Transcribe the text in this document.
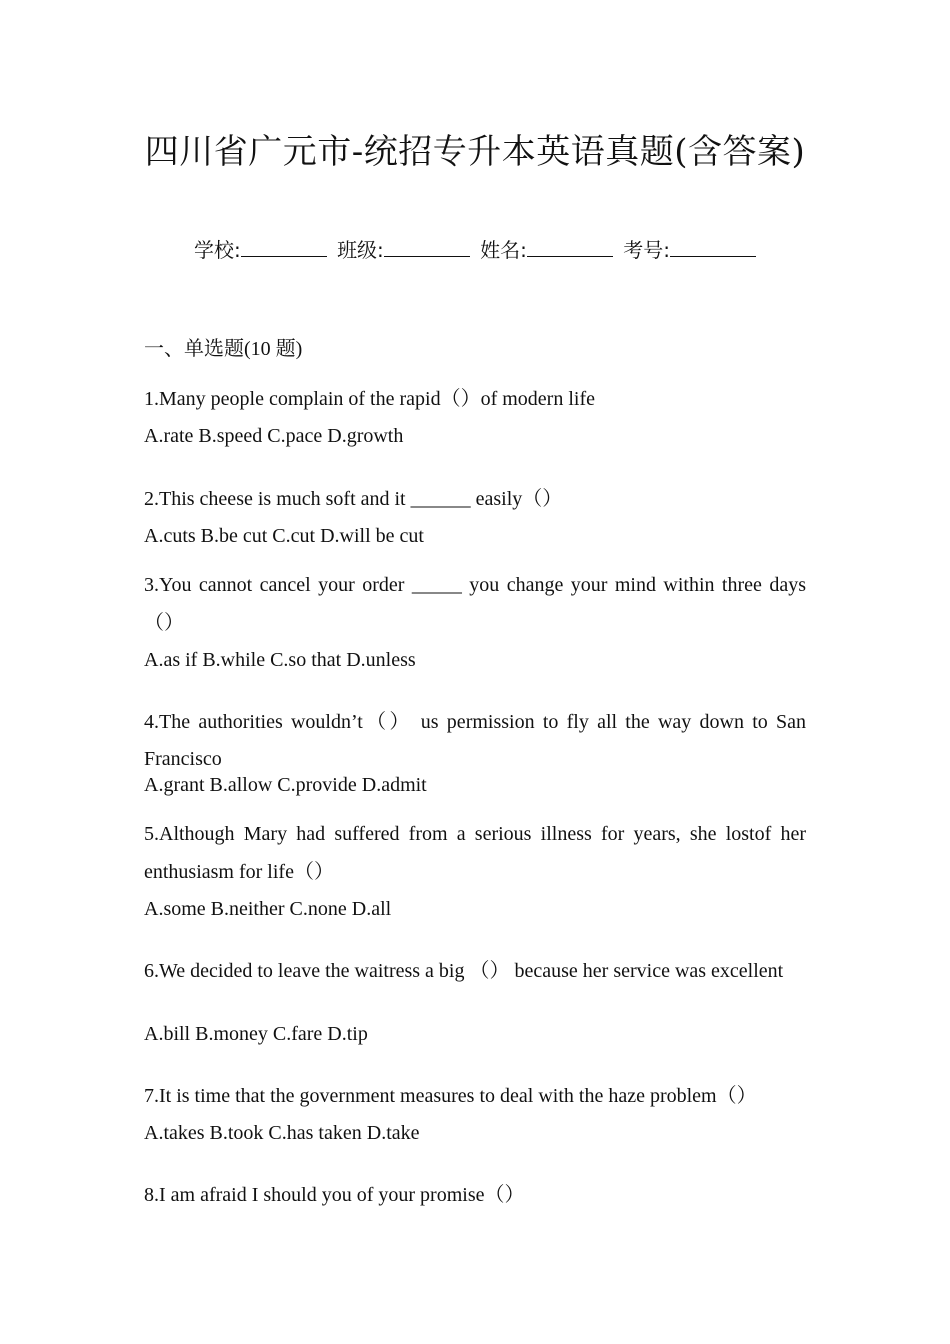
四川省广元市-统招专升本英语真题(含答案)
学校:	班级:	姓名:	考号:
一、单选题(10 题)
1.Many people complain of the rapid（）of modern life
A.rate B.speed C.pace D.growth
2.This cheese is much soft and it ______ easily（）
A.cuts B.be cut C.cut D.will be cut
3.You cannot cancel your order _____ you change your mind within three days（）
A.as if B.while C.so that D.unless
4.The authorities wouldn’t（） us permission to fly all the way down to San Francisco
A.grant B.allow C.provide D.admit
5.Although Mary had suffered from a serious illness for years, she lostof her enthusiasm for life（）
A.some B.neither C.none D.all
6.We decided to leave the waitress a big （） because her service was excellent
A.bill B.money C.fare D.tip
7.It is time that the government measures to deal with the haze problem（）
A.takes B.took C.has taken D.take
8.I am afraid I should you of your promise（）
